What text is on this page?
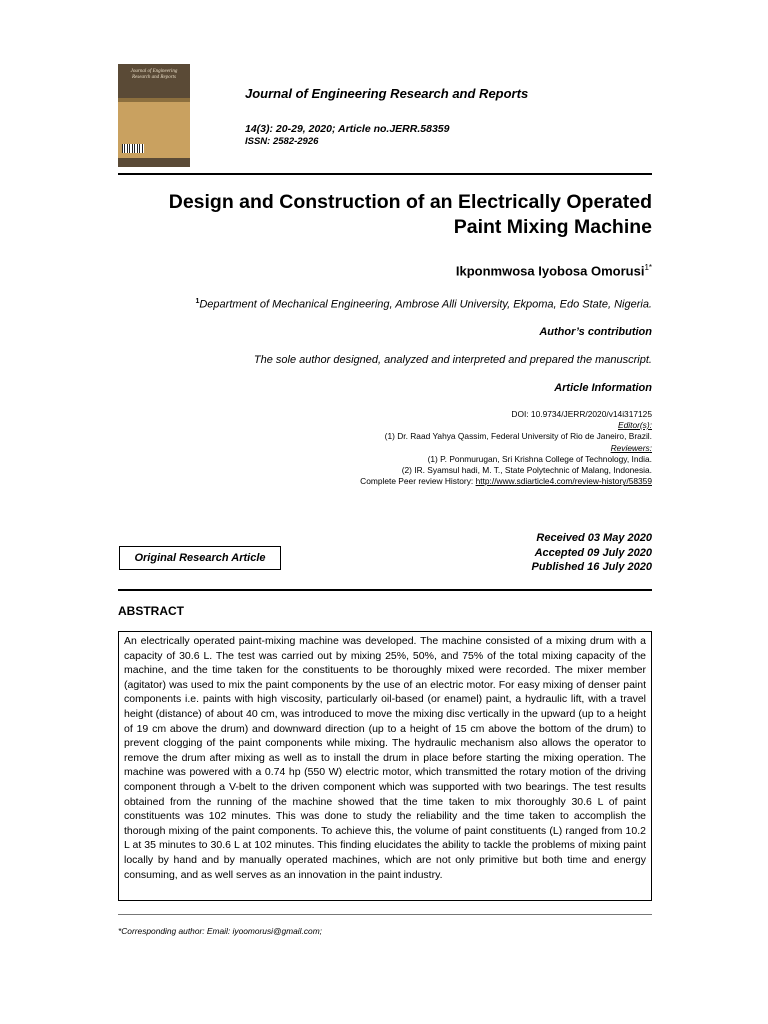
Journal of Engineering Research and Reports
Journal of Engineering Research and Reports
14(3): 20-29, 2020; Article no.JERR.58359
ISSN: 2582-2926
Design and Construction of an Electrically Operated
Paint Mixing Machine
Ikponmwosa Iyobosa Omorusi$^{1*}$
$^1$Department of Mechanical Engineering, Ambrose Alli University, Ekpoma, Edo State, Nigeria.
Author’s contribution
The sole author designed, analyzed and interpreted and prepared the manuscript.
Article Information
DOI: 10.9734/JERR/2020/v14i317125
Editor(s):
(1) Dr. Raad Yahya Qassim, Federal University of Rio de Janeiro, Brazil.
Reviewers:
(1) P. Ponmurugan, Sri Krishna College of Technology, India.
(2) IR. Syamsul hadi, M. T., State Polytechnic of Malang, Indonesia.
Complete Peer review History: http://www.sdiarticle4.com/review-history/58359
Original Research Article
Received 03 May 2020
Accepted 09 July 2020
Published 16 July 2020
ABSTRACT
An electrically operated paint-mixing machine was developed. The machine consisted of a mixing drum with a capacity of 30.6 L. The test was carried out by mixing 25%, 50%, and 75% of the total mixing capacity of the machine, and the time taken for the constituents to be thoroughly mixed were recorded. The mixer member (agitator) was used to mix the paint components by the use of an electric motor. For easy mixing of denser paint components i.e. paints with high viscosity, particularly oil-based (or enamel) paint, a hydraulic lift, with a travel height (distance) of about 40 cm, was introduced to move the mixing disc vertically in the upward (up to a height of 19 cm above the drum) and downward direction (up to a height of 15 cm above the bottom of the drum) to prevent clogging of the paint components while mixing. The hydraulic mechanism also allows the operator to remove the drum after mixing as well as to install the drum in place before starting the mixing operation. The machine was powered with a 0.74 hp (550 W) electric motor, which transmitted the rotary motion of the driving component through a V-belt to the driven component which was supported with two bearings. The test results obtained from the running of the machine showed that the time taken to mix thoroughly 30.6 L of paint constituents was 102 minutes. This was done to study the reliability and the time taken to accomplish the thorough mixing of the paint components. To achieve this, the volume of paint constituents (L) ranged from 10.2 L at 35 minutes to 30.6 L at 102 minutes. This finding elucidates the ability to tackle the problems of mixing paint locally by hand and by manually operated machines, which are not only primitive but both time and energy consuming, and as well serves as an innovation in the paint industry.
*Corresponding author: Email: iyoomorusi@gmail.com;
